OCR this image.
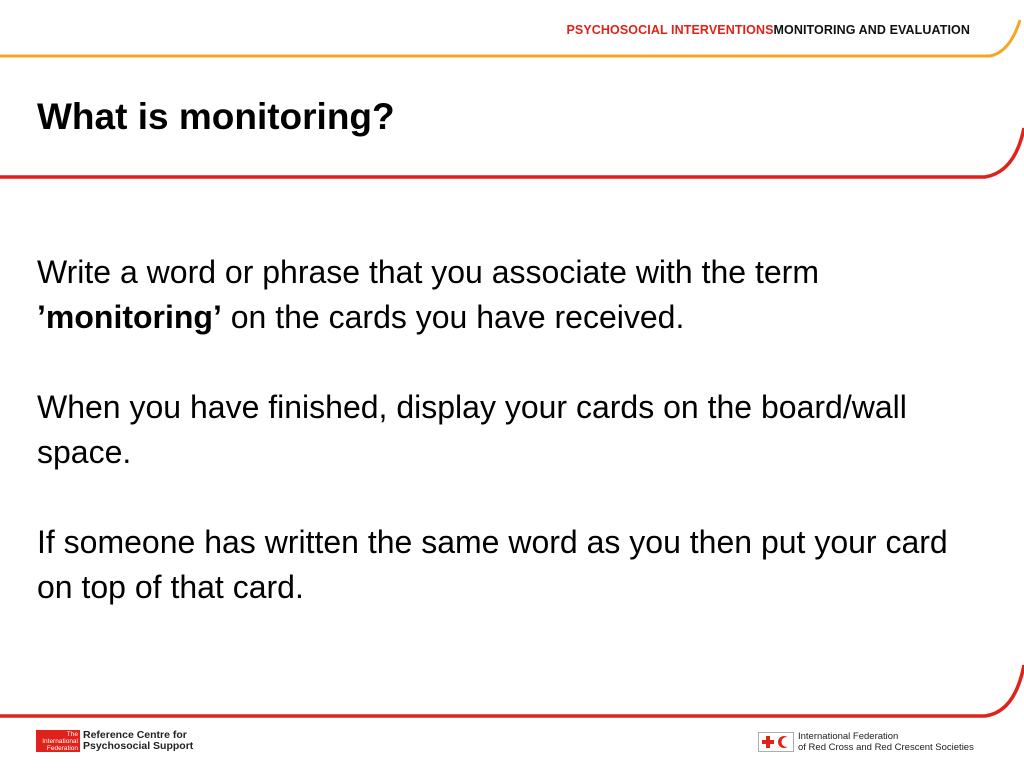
PSYCHOSOCIAL INTERVENTIONSMONITORING AND EVALUATION
What is monitoring?

Write a word or phrase that you associate with the term ’monitoring’ on the cards you have received.

When you have finished, display your cards on the board/wall space.

If someone has written the same word as you then put your card on top of that card.

The
International
Federation
Reference Centre for
Psychosocial Support
International Federation
of Red Cross and Red Crescent Societies
